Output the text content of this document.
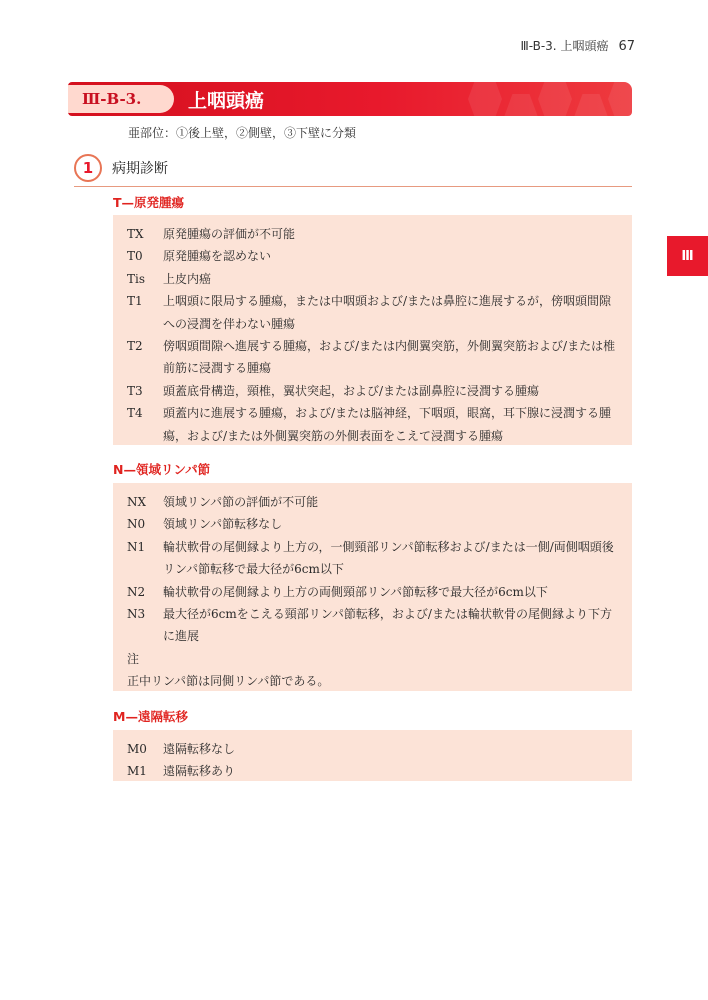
Ⅲ-B-3. 上咽頭癌 67
Ⅲ
Ⅲ-B-3.	上咽頭癌
亜部位：①後上壁，②側壁，③下壁に分類
1	病期診断
T—原発腫瘍
TX	原発腫瘍の評価が不可能
T0	原発腫瘍を認めない
Tis	上皮内癌
T1	上咽頭に限局する腫瘍，または中咽頭および/または鼻腔に進展するが，傍咽頭間隙への浸潤を伴わない腫瘍
T2	傍咽頭間隙へ進展する腫瘍，および/または内側翼突筋，外側翼突筋および/または椎前筋に浸潤する腫瘍
T3	頭蓋底骨構造，頸椎，翼状突起，および/または副鼻腔に浸潤する腫瘍
T4	頭蓋内に進展する腫瘍，および/または脳神経，下咽頭，眼窩，耳下腺に浸潤する腫瘍，および/または外側翼突筋の外側表面をこえて浸潤する腫瘍
N—領域リンパ節
NX	領域リンパ節の評価が不可能
N0	領域リンパ節転移なし
N1	輪状軟骨の尾側縁より上方の，一側頸部リンパ節転移および/または一側/両側咽頭後リンパ節転移で最大径が6cm以下
N2	輪状軟骨の尾側縁より上方の両側頸部リンパ節転移で最大径が6cm以下
N3	最大径が6cmをこえる頸部リンパ節転移，および/または輪状軟骨の尾側縁より下方に進展
注
正中リンパ節は同側リンパ節である。
M—遠隔転移
M0	遠隔転移なし
M1	遠隔転移あり
